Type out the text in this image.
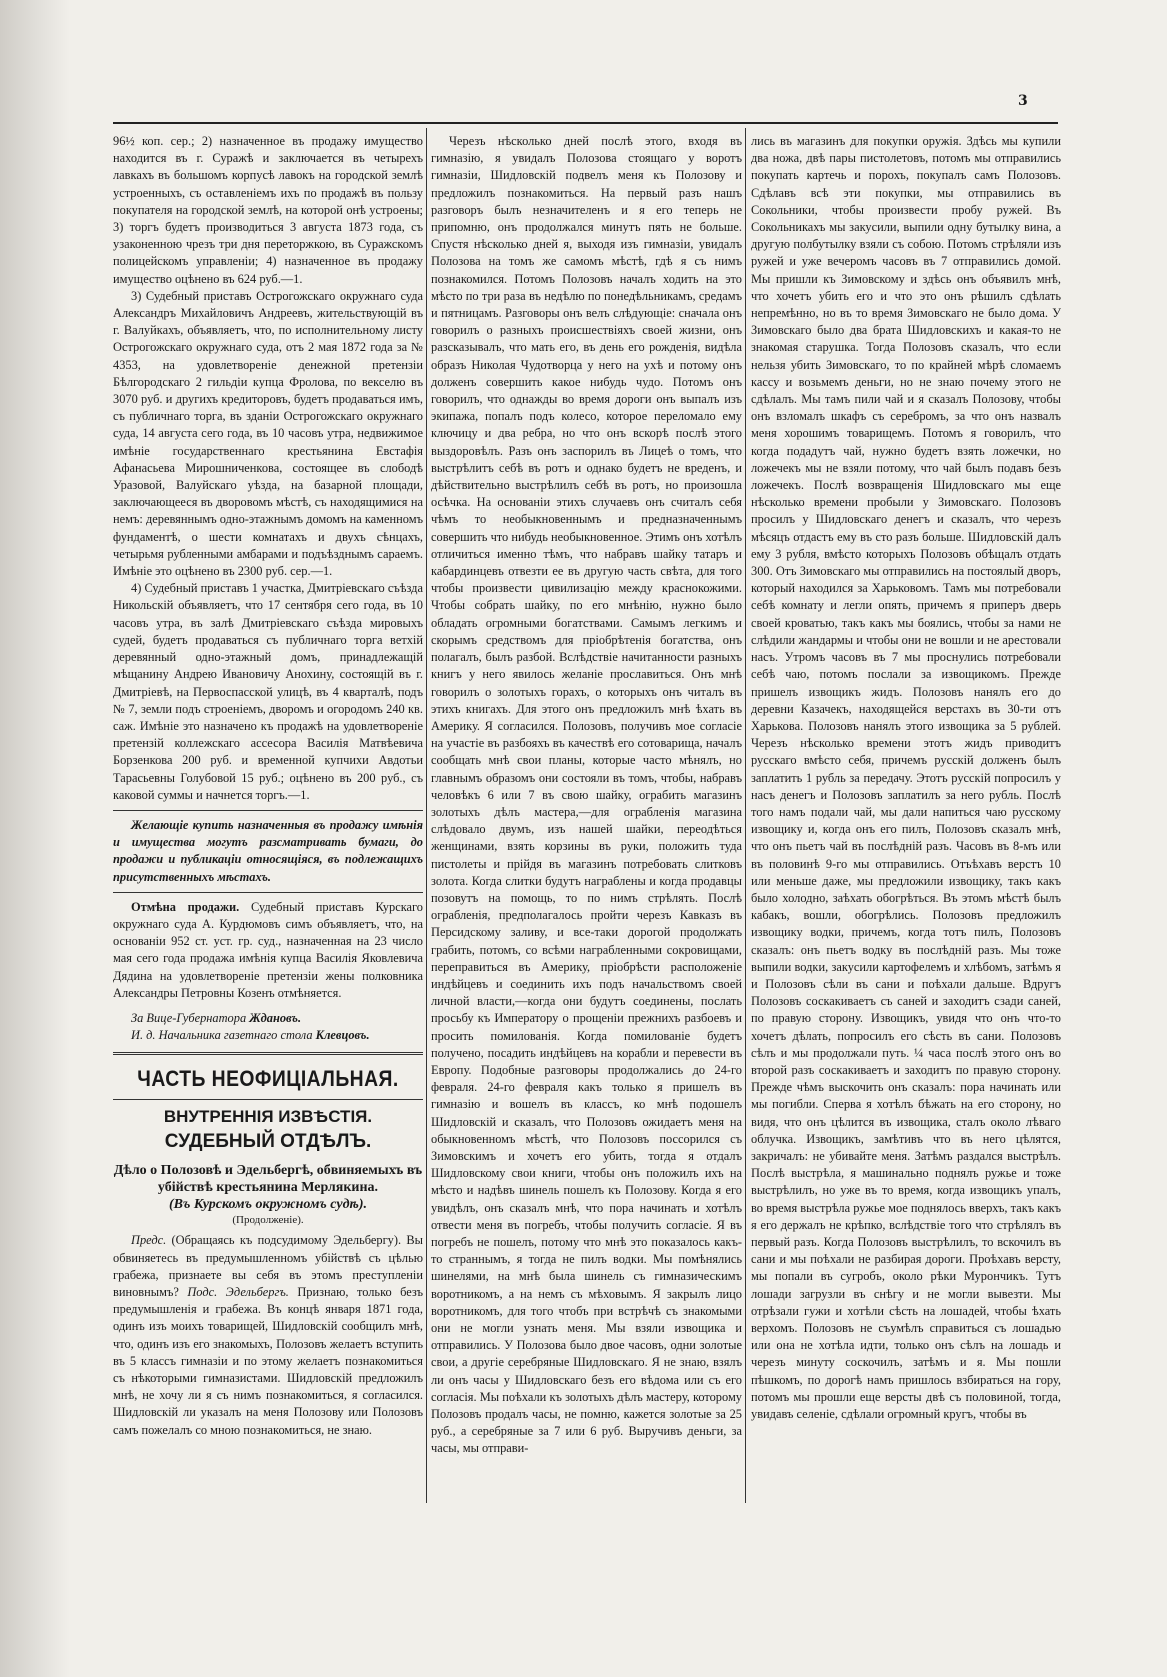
3

96½ коп. сер.; 2) назначенное въ продажу имущество находится въ г. Суражѣ и заключается въ четырехъ лавкахъ въ большомъ корпусѣ лавокъ на городской землѣ устроенныхъ, съ оставленіемъ ихъ по продажѣ въ пользу покупателя на городской землѣ, на которой онѣ устроены; 3) торгъ будетъ производиться 3 августа 1873 года, съ узаконенною чрезъ три дня переторжкою, въ Суражскомъ полицейскомъ управленіи; 4) назначенное въ продажу имущество оцѣнено въ 624 руб.—1.

3) Судебный приставъ Острогожскаго окружнаго суда Александръ Михайловичъ Андреевъ, жительствующій въ г. Валуйкахъ, объявляетъ, что, по исполнительному листу Острогожскаго окружнаго суда, отъ 2 мая 1872 года за № 4353, на удовлетвореніе денежной претензіи Бѣлгородскаго 2 гильдіи купца Фролова, по векселю въ 3070 руб. и другихъ кредиторовъ, будетъ продаваться имъ, съ публичнаго торга, въ зданіи Острогожскаго окружнаго суда, 14 августа сего года, въ 10 часовъ утра, недвижимое имѣніе государственнаго крестьянина Евстафія Афанасьева Мирошниченкова, состоящее въ слободѣ Уразовой, Валуйскаго уѣзда, на базарной площади, заключающееся въ дворовомъ мѣстѣ, съ находящимися на немъ: деревяннымъ одно-этажнымъ домомъ на каменномъ фундаментѣ, о шести комнатахъ и двухъ сѣнцахъ, четырьмя рубленными амбарами и подъѣзднымъ сараемъ. Имѣніе это оцѣнено въ 2300 руб. сер.—1.

4) Судебный приставъ 1 участка, Дмитріевскаго съѣзда Никольскій объявляетъ, что 17 сентября сего года, въ 10 часовъ утра, въ залѣ Дмитріевскаго съѣзда мировыхъ судей, будетъ продаваться съ публичнаго торга ветхій деревянный одно-этажный домъ, принадлежащій мѣщанину Андрею Ивановичу Анохину, состоящій въ г. Дмитріевѣ, на Первоспасской улицѣ, въ 4 кварталѣ, подъ № 7, земли подъ строеніемъ, дворомъ и огородомъ 240 кв. саж. Имѣніе это назначено къ продажѣ на удовлетвореніе претензій коллежскаго ассесора Василія Матвѣевича Борзенкова 200 руб. и временной купчихи Авдотьи Тарасьевны Голубовой 15 руб.; оцѣнено въ 200 руб., съ каковой суммы и начнется торгъ.—1.

Желающіе купить назначенныя въ продажу имѣнія и имущества могутъ разсматривать бумаги, до продажи и публикаціи относящіяся, въ подлежащихъ присутственныхъ мѣстахъ.

Отмѣна продажи. Судебный приставъ Курскаго окружнаго суда А. Курдюмовъ симъ объявляетъ, что, на основаніи 952 ст. уст. гр. суд., назначенная на 23 число мая сего года продажа имѣнія купца Василія Яковлевича Дядина на удовлетвореніе претензіи жены полковника Александры Петровны Козенъ отмѣняется.

За Вице-Губернатора Ждановъ.

И. д. Начальника газетнаго стола Клевцовъ.

ЧАСТЬ НЕОФИЦІАЛЬНАЯ.
ВНУТРЕННІЯ ИЗВѢСТІЯ.
СУДЕБНЫЙ ОТДѢЛЪ.
Дѣло о Полозовѣ и Эдельбергѣ, обвиняемыхъ въ убійствѣ крестьянина Мерлякина.
(Въ Курскомъ окружномъ судѣ).
(Продолженіе).

Предс. (Обращаясь къ подсудимому Эдельбергу). Вы обвиняетесь въ предумышленномъ убійствѣ съ цѣлью грабежа, признаете вы себя въ этомъ преступленіи виновнымъ? Подс. Эдельбергъ. Признаю, только безъ предумышленія и грабежа. Въ концѣ января 1871 года, одинъ изъ моихъ товарищей, Шидловскій сообщилъ мнѣ, что, одинъ изъ его знакомыхъ, Полозовъ желаетъ вступить въ 5 классъ гимназіи и по этому желаетъ познакомиться съ нѣкоторыми гимназистами. Шидловскій предложилъ мнѣ, не хочу ли я съ нимъ познакомиться, я согласился. Шидловскій ли указалъ на меня Полозову или Полозовъ самъ пожелалъ со мною познакомиться, не знаю.

Черезъ нѣсколько дней послѣ этого, входя въ гимназію, я увидалъ Полозова стоящаго у воротъ гимназіи, Шидловскій подвелъ меня къ Полозову и предложилъ познакомиться. На первый разъ нашъ разговоръ былъ незначителенъ и я его теперь не припомню, онъ продолжался минутъ пять не больше. Спустя нѣсколько дней я, выходя изъ гимназіи, увидалъ Полозова на томъ же самомъ мѣстѣ, гдѣ я съ нимъ познакомился. Потомъ Полозовъ началъ ходить на это мѣсто по три раза въ недѣлю по понедѣльникамъ, средамъ и пятницамъ. Разговоры онъ велъ слѣдующіе: сначала онъ говорилъ о разныхъ происшествіяхъ своей жизни, онъ разсказывалъ, что мать его, въ день его рожденія, видѣла образъ Николая Чудотворца у него на ухѣ и потому онъ долженъ совершить какое нибудь чудо. Потомъ онъ говорилъ, что однажды во время дороги онъ выпалъ изъ экипажа, попалъ подъ колесо, которое переломало ему ключицу и два ребра, но что онъ вскорѣ послѣ этого выздоровѣлъ. Разъ онъ заспорилъ въ Лицеѣ о томъ, что выстрѣлитъ себѣ въ ротъ и однако будетъ не вреденъ, и дѣйствительно выстрѣлилъ себѣ въ ротъ, но произошла осѣчка. На основаніи этихъ случаевъ онъ считалъ себя чѣмъ то необыкновеннымъ и предназначеннымъ совершить что нибудь необыкновенное. Этимъ онъ хотѣлъ отличиться именно тѣмъ, что набравъ шайку татаръ и кабардинцевъ отвезти ее въ другую часть свѣта, для того чтобы произвести цивилизацію между краснокожими. Чтобы собрать шайку, по его мнѣнію, нужно было обладать огромными богатствами. Самымъ легкимъ и скорымъ средствомъ для пріобрѣтенія богатства, онъ полагалъ, былъ разбой. Вслѣдствіе начитанности разныхъ книгъ у него явилось желаніе прославиться. Онъ мнѣ говорилъ о золотыхъ горахъ, о которыхъ онъ читалъ въ этихъ книгахъ. Для этого онъ предложилъ мнѣ ѣхать въ Америку. Я согласился. Полозовъ, получивъ мое согласіе на участіе въ разбояхъ въ качествѣ его сотоварища, началъ сообщать мнѣ свои планы, которые часто мѣнялъ, но главнымъ образомъ они состояли въ томъ, чтобы, набравъ человѣкъ 6 или 7 въ свою шайку, ограбить магазинъ золотыхъ дѣлъ мастера,—для ограбленія магазина слѣдовало двумъ, изъ нашей шайки, переодѣться женщинами, взять корзины въ руки, положить туда пистолеты и прійдя въ магазинъ потребовать слитковъ золота. Когда слитки будутъ награблены и когда продавцы позовутъ на помощь, то по нимъ стрѣлять. Послѣ ограбленія, предполагалось пройти черезъ Кавказъ въ Персидскому заливу, и все-таки дорогой продолжать грабить, потомъ, со всѣми награбленными сокровищами, переправиться въ Америку, пріобрѣсти расположеніе индѣйцевъ и соединить ихъ подъ начальствомъ своей личной власти,—когда они будутъ соединены, послать просьбу къ Императору о прощеніи прежнихъ разбоевъ и просить помилованія. Когда помилованіе будетъ получено, посадить индѣйцевъ на корабли и перевести въ Европу. Подобные разговоры продолжались до 24-го февраля. 24-го февраля какъ только я пришелъ въ гимназію и вошелъ въ классъ, ко мнѣ подошелъ Шидловскій и сказалъ, что Полозовъ ожидаетъ меня на обыкновенномъ мѣстѣ, что Полозовъ поссорился съ Зимовскимъ и хочетъ его убить, тогда я отдалъ Шидловскому свои книги, чтобы онъ положилъ ихъ на мѣсто и надѣвъ шинель пошелъ къ Полозову. Когда я его увидѣлъ, онъ сказалъ мнѣ, что пора начинать и хотѣлъ отвести меня въ погребъ, чтобы получить согласіе. Я въ погребъ не пошелъ, потому что мнѣ это показалось какъ-то страннымъ, я тогда не пилъ водки. Мы помѣнялись шинелями, на мнѣ была шинель съ гимназическимъ воротникомъ, а на немъ съ мѣховымъ. Я закрылъ лицо воротникомъ, для того чтобъ при встрѣчѣ съ знакомыми они не могли узнать меня. Мы взяли извощика и отправились. У Полозова было двое часовъ, одни золотые свои, а другіе серебряные Шидловскаго. Я не знаю, взялъ ли онъ часы у Шидловскаго безъ его вѣдома или съ его согласія. Мы поѣхали къ золотыхъ дѣлъ мастеру, которому Полозовъ продалъ часы, не помню, кажется золотые за 25 руб., а серебряные за 7 или 6 руб. Выручивъ деньги, за часы, мы отправи-

лись въ магазинъ для покупки оружія. Здѣсь мы купили два ножа, двѣ пары пистолетовъ, потомъ мы отправились покупать картечь и порохъ, покупалъ самъ Полозовъ. Сдѣлавъ всѣ эти покупки, мы отправились въ Сокольники, чтобы произвести пробу ружей. Въ Сокольникахъ мы закусили, выпили одну бутылку вина, а другую полбутылку взяли съ собою. Потомъ стрѣляли изъ ружей и уже вечеромъ часовъ въ 7 отправились домой. Мы пришли къ Зимовскому и здѣсь онъ объявилъ мнѣ, что хочетъ убить его и что это онъ рѣшилъ сдѣлать непремѣнно, но въ то время Зимовскаго не было дома. У Зимовскаго было два брата Шидловскихъ и какая-то не знакомая старушка. Тогда Полозовъ сказалъ, что если нельзя убить Зимовскаго, то по крайней мѣрѣ сломаемъ кассу и возьмемъ деньги, но не знаю почему этого не сдѣлалъ. Мы тамъ пили чай и я сказалъ Полозову, чтобы онъ взломалъ шкафъ съ серебромъ, за что онъ назвалъ меня хорошимъ товарищемъ. Потомъ я говорилъ, что когда подадутъ чай, нужно будетъ взять ложечки, но ложечекъ мы не взяли потому, что чай былъ подавъ безъ ложечекъ. Послѣ возвращенія Шидловскаго мы еще нѣсколько времени пробыли у Зимовскаго. Полозовъ просилъ у Шидловскаго денегъ и сказалъ, что черезъ мѣсяцъ отдастъ ему въ сто разъ больше. Шидловскій далъ ему 3 рубля, вмѣсто которыхъ Полозовъ обѣщалъ отдать 300. Отъ Зимовскаго мы отправились на постоялый дворъ, который находился за Харьковомъ. Тамъ мы потребовали себѣ комнату и легли опять, причемъ я приперъ дверь своей кроватью, такъ какъ мы боялись, чтобы за нами не слѣдили жандармы и чтобы они не вошли и не арестовали насъ. Утромъ часовъ въ 7 мы проснулись потребовали себѣ чаю, потомъ послали за извощикомъ. Прежде пришелъ извощикъ жидъ. Полозовъ нанялъ его до деревни Казачекъ, находящейся верстахъ въ 30-ти отъ Харькова. Полозовъ нанялъ этого извощика за 5 рублей. Черезъ нѣсколько времени этотъ жидъ приводитъ русскаго вмѣсто себя, причемъ русскій долженъ былъ заплатить 1 рубль за передачу. Этотъ русскій попросилъ у насъ денегъ и Полозовъ заплатилъ за него рубль. Послѣ того намъ подали чай, мы дали напиться чаю русскому извощику и, когда онъ его пилъ, Полозовъ сказалъ мнѣ, что онъ пьетъ чай въ послѣдній разъ. Часовъ въ 8-мъ или въ половинѣ 9-го мы отправились. Отъѣхавъ верстъ 10 или меньше даже, мы предложили извощику, такъ какъ было холодно, заѣхать обогрѣться. Въ этомъ мѣстѣ былъ кабакъ, вошли, обогрѣлись. Полозовъ предложилъ извощику водки, причемъ, когда тотъ пилъ, Полозовъ сказалъ: онъ пьетъ водку въ послѣдній разъ. Мы тоже выпили водки, закусили картофелемъ и хлѣбомъ, затѣмъ я и Полозовъ сѣли въ сани и поѣхали дальше. Вдругъ Полозовъ соскакиваетъ съ саней и заходитъ сзади саней, по правую сторону. Извощикъ, увидя что онъ что-то хочетъ дѣлать, попросилъ его сѣсть въ сани. Полозовъ сѣлъ и мы продолжали путь. ¼ часа послѣ этого онъ во второй разъ соскакиваетъ и заходитъ по правую сторону. Прежде чѣмъ выскочить онъ сказалъ: пора начинать или мы погибли. Сперва я хотѣлъ бѣжать на его сторону, но видя, что онъ цѣлится въ извощика, сталъ около лѣваго облучка. Извощикъ, замѣтивъ что въ него цѣлятся, закричалъ: не убивайте меня. Затѣмъ раздался выстрѣлъ. Послѣ выстрѣла, я машинально поднялъ ружье и тоже выстрѣлилъ, но уже въ то время, когда извощикъ упалъ, во время выстрѣла ружье мое поднялось вверхъ, такъ какъ я его держалъ не крѣпко, вслѣдствіе того что стрѣлялъ въ первый разъ. Когда Полозовъ выстрѣлилъ, то вскочилъ въ сани и мы поѣхали не разбирая дороги. Проѣхавъ версту, мы попали въ сугробъ, около рѣки Мурончикъ. Тутъ лошади загрузли въ снѣгу и не могли вывезти. Мы отрѣзали гужи и хотѣли сѣсть на лошадей, чтобы ѣхать верхомъ. Полозовъ не съумѣлъ справиться съ лошадью или она не хотѣла идти, только онъ сѣлъ на лошадь и черезъ минуту соскочилъ, затѣмъ и я. Мы пошли пѣшкомъ, по дорогѣ намъ пришлось взбираться на гору, потомъ мы прошли еще версты двѣ съ половиной, тогда, увидавъ селеніе, сдѣлали огромный кругъ, чтобы въ
